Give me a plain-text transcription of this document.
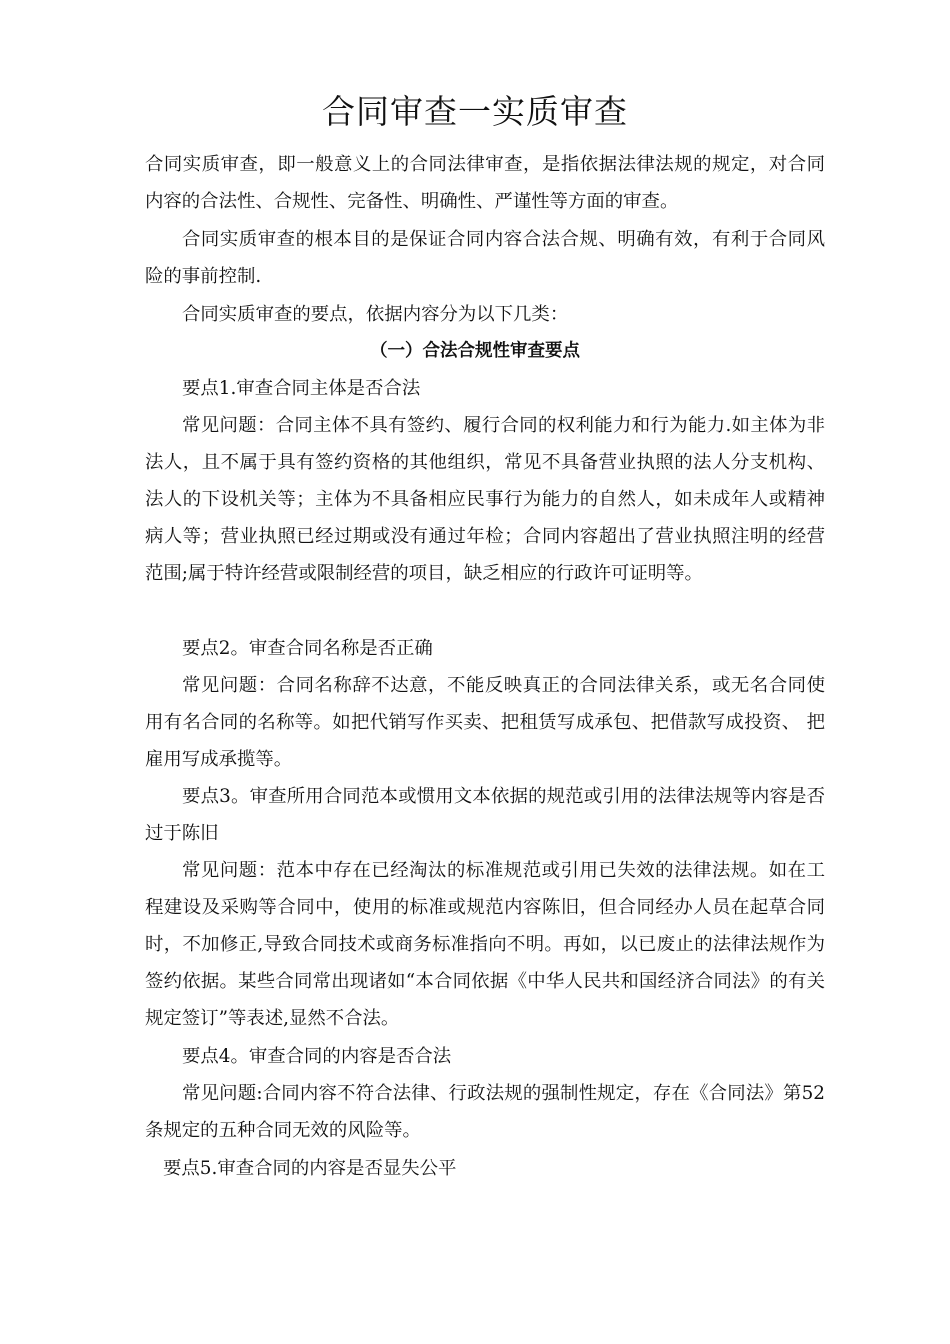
合同审查一实质审查
合同实质审查，即一般意义上的合同法律审查，是指依据法律法规的规定，对合同内容的合法性、合规性、完备性、明确性、严谨性等方面的审查。
合同实质审查的根本目的是保证合同内容合法合规、明确有效，有利于合同风险的事前控制.
合同实质审查的要点，依据内容分为以下几类：
（一）合法合规性审查要点
要点1.审查合同主体是否合法
常见问题：合同主体不具有签约、履行合同的权利能力和行为能力.如主体为非法人，且不属于具有签约资格的其他组织，常见不具备营业执照的法人分支机构、法人的下设机关等；主体为不具备相应民事行为能力的自然人，如未成年人或精神病人等；营业执照已经过期或没有通过年检；合同内容超出了营业执照注明的经营范围;属于特许经营或限制经营的项目，缺乏相应的行政许可证明等。
要点2。审查合同名称是否正确
常见问题：合同名称辞不达意，不能反映真正的合同法律关系，或无名合同使用有名合同的名称等。如把代销写作买卖、把租赁写成承包、把借款写成投资、 把雇用写成承揽等。
要点3。审查所用合同范本或惯用文本依据的规范或引用的法律法规等内容是否过于陈旧
常见问题：范本中存在已经淘汰的标准规范或引用已失效的法律法规。如在工程建设及采购等合同中，使用的标准或规范内容陈旧，但合同经办人员在起草合同时，不加修正,导致合同技术或商务标准指向不明。再如，以已废止的法律法规作为签约依据。某些合同常出现诸如“本合同依据《中华人民共和国经济合同法》的有关规定签订”等表述,显然不合法。
要点4。审查合同的内容是否合法
常见问题:合同内容不符合法律、行政法规的强制性规定，存在《合同法》第52条规定的五种合同无效的风险等。
要点5.审查合同的内容是否显失公平
